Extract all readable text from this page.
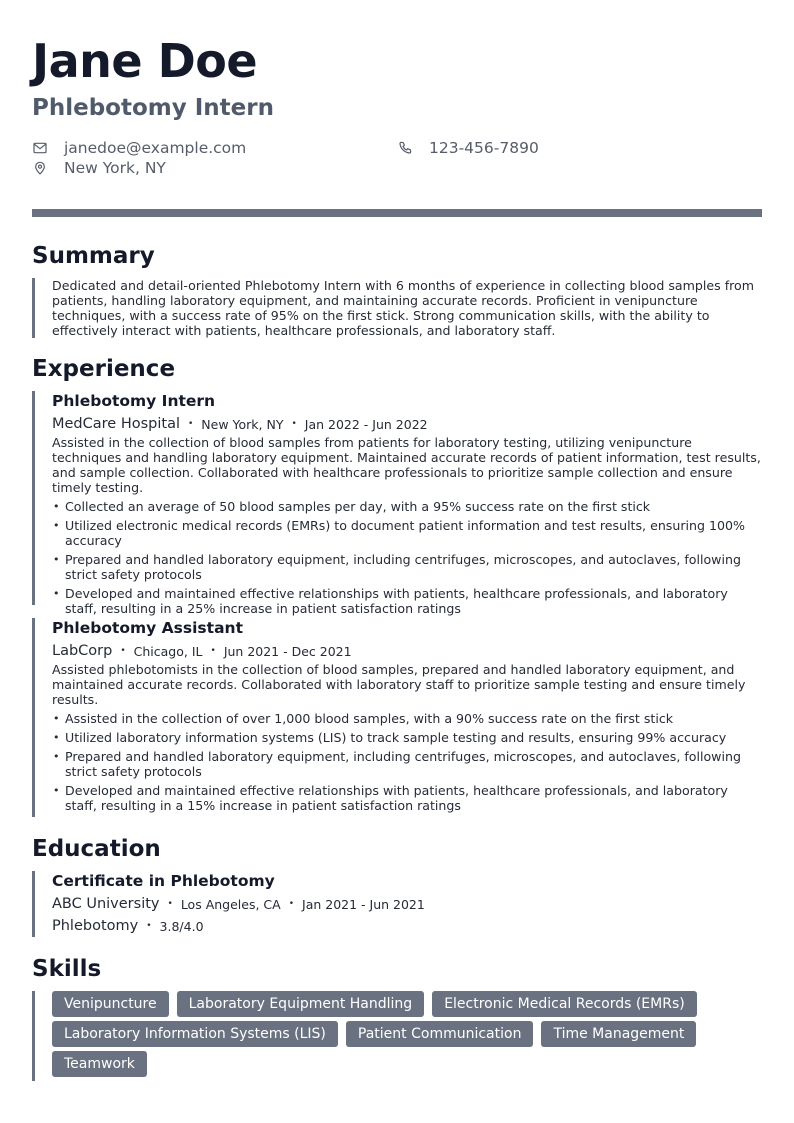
Jane Doe
Phlebotomy Intern
janedoe@example.com	123-456-7890
New York, NY
Summary
Dedicated and detail-oriented Phlebotomy Intern with 6 months of experience in collecting blood samples from patients, handling laboratory equipment, and maintaining accurate records. Proficient in venipuncture techniques, with a success rate of 95% on the first stick. Strong communication skills, with the ability to effectively interact with patients, healthcare professionals, and laboratory staff.
Experience
Phlebotomy Intern
MedCare Hospital • New York, NY • Jan 2022 - Jun 2022
Assisted in the collection of blood samples from patients for laboratory testing, utilizing venipuncture techniques and handling laboratory equipment. Maintained accurate records of patient information, test results, and sample collection. Collaborated with healthcare professionals to prioritize sample collection and ensure timely testing.
• Collected an average of 50 blood samples per day, with a 95% success rate on the first stick
• Utilized electronic medical records (EMRs) to document patient information and test results, ensuring 100% accuracy
• Prepared and handled laboratory equipment, including centrifuges, microscopes, and autoclaves, following strict safety protocols
• Developed and maintained effective relationships with patients, healthcare professionals, and laboratory staff, resulting in a 25% increase in patient satisfaction ratings
Phlebotomy Assistant
LabCorp • Chicago, IL • Jun 2021 - Dec 2021
Assisted phlebotomists in the collection of blood samples, prepared and handled laboratory equipment, and maintained accurate records. Collaborated with laboratory staff to prioritize sample testing and ensure timely results.
• Assisted in the collection of over 1,000 blood samples, with a 90% success rate on the first stick
• Utilized laboratory information systems (LIS) to track sample testing and results, ensuring 99% accuracy
• Prepared and handled laboratory equipment, including centrifuges, microscopes, and autoclaves, following strict safety protocols
• Developed and maintained effective relationships with patients, healthcare professionals, and laboratory staff, resulting in a 15% increase in patient satisfaction ratings
Education
Certificate in Phlebotomy
ABC University • Los Angeles, CA • Jan 2021 - Jun 2021
Phlebotomy • 3.8/4.0
Skills
Venipuncture	Laboratory Equipment Handling	Electronic Medical Records (EMRs)
Laboratory Information Systems (LIS)	Patient Communication	Time Management
Teamwork
